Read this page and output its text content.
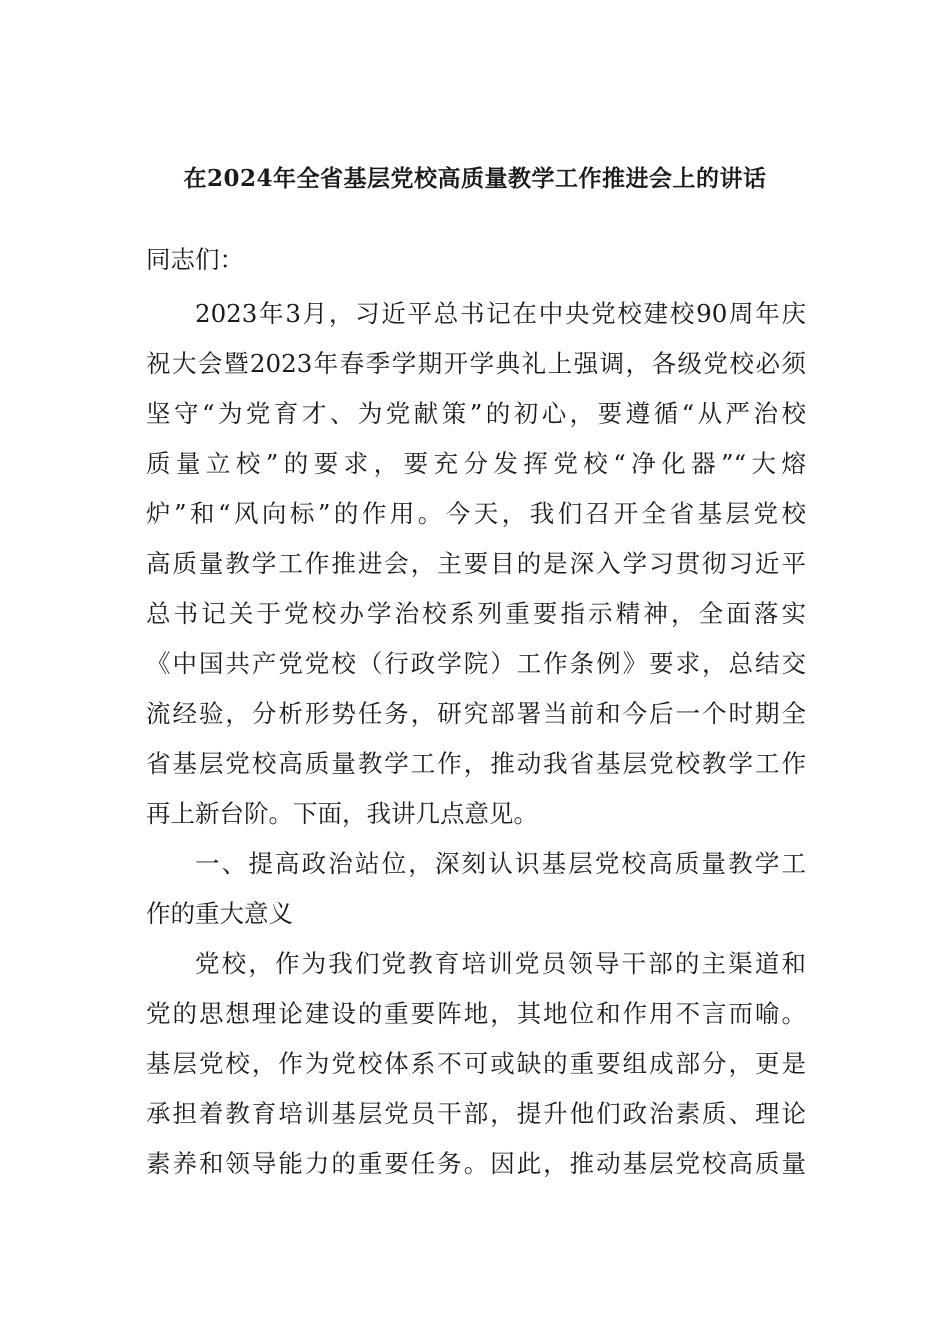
在2024年全省基层党校高质量教学工作推进会上的讲话
同志们：
2023年3月，习近平总书记在中央党校建校90周年庆
祝大会暨2023年春季学期开学典礼上强调，各级党校必须
坚守“为党育才、为党献策”的初心，要遵循“从严治校
质量立校”的要求，要充分发挥党校“净化器”“大熔
炉”和“风向标”的作用。今天，我们召开全省基层党校
高质量教学工作推进会，主要目的是深入学习贯彻习近平
总书记关于党校办学治校系列重要指示精神，全面落实
《中国共产党党校（行政学院）工作条例》要求，总结交
流经验，分析形势任务，研究部署当前和今后一个时期全
省基层党校高质量教学工作，推动我省基层党校教学工作
再上新台阶。下面，我讲几点意见。
一、提高政治站位，深刻认识基层党校高质量教学工
作的重大意义
党校，作为我们党教育培训党员领导干部的主渠道和
党的思想理论建设的重要阵地，其地位和作用不言而喻。
基层党校，作为党校体系不可或缺的重要组成部分，更是
承担着教育培训基层党员干部，提升他们政治素质、理论
素养和领导能力的重要任务。因此，推动基层党校高质量
